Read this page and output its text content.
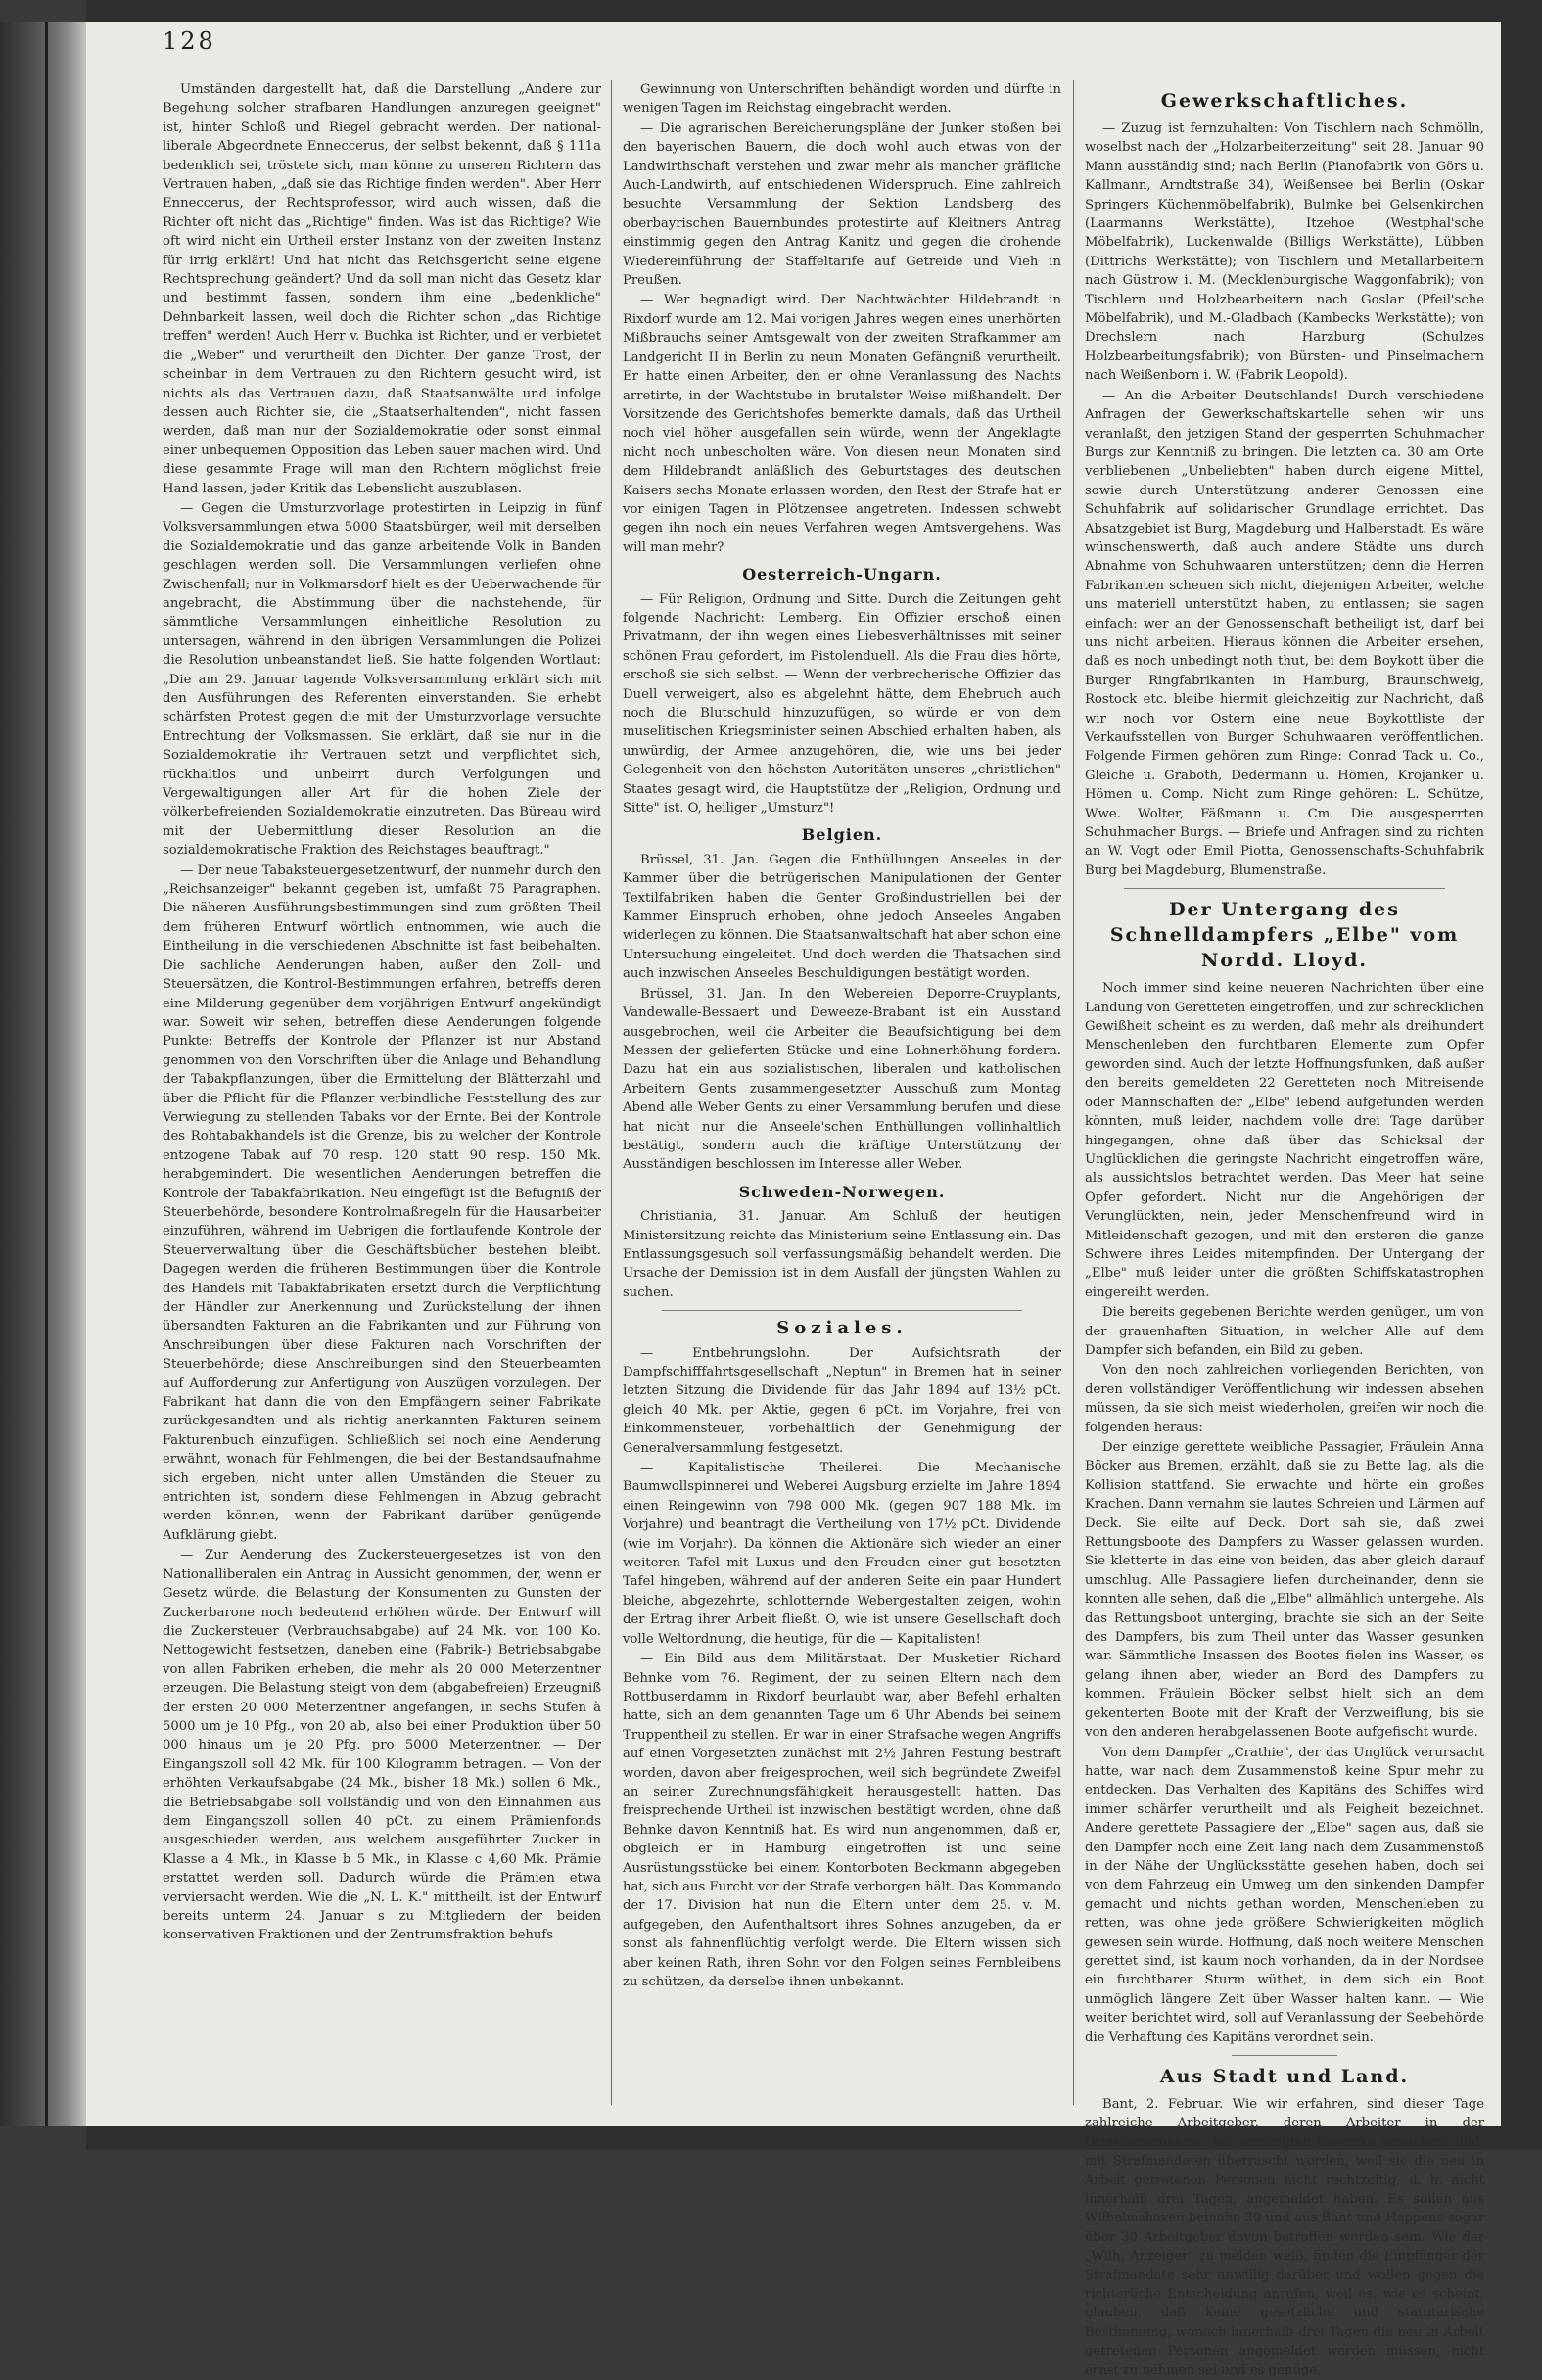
128

Umständen dargestellt hat, daß die Darstellung „Andere zur Begehung solcher strafbaren Handlungen anzuregen geeignet" ist, hinter Schloß und Riegel gebracht werden. Der national-liberale Abgeordnete Enneccerus, der selbst bekennt, daß § 111a bedenklich sei, tröstete sich, man könne zu unseren Richtern das Vertrauen haben, „daß sie das Richtige finden werden". Aber Herr Enneccerus, der Rechtsprofessor, wird auch wissen, daß die Richter oft nicht das „Richtige" finden. Was ist das Richtige? Wie oft wird nicht ein Urtheil erster Instanz von der zweiten Instanz für irrig erklärt! Und hat nicht das Reichsgericht seine eigene Rechtsprechung geändert? Und da soll man nicht das Gesetz klar und bestimmt fassen, sondern ihm eine „bedenkliche" Dehnbarkeit lassen, weil doch die Richter schon „das Richtige treffen" werden! Auch Herr v. Buchka ist Richter, und er verbietet die „Weber" und verurtheilt den Dichter. Der ganze Trost, der scheinbar in dem Vertrauen zu den Richtern gesucht wird, ist nichts als das Vertrauen dazu, daß Staatsanwälte und infolge dessen auch Richter sie, die „Staatserhaltenden", nicht fassen werden, daß man nur der Sozialdemokratie oder sonst einmal einer unbequemen Opposition das Leben sauer machen wird. Und diese gesammte Frage will man den Richtern möglichst freie Hand lassen, jeder Kritik das Lebenslicht auszublasen.

— Gegen die Umsturzvorlage protestirten in Leipzig in fünf Volksversammlungen etwa 5000 Staatsbürger, weil mit derselben die Sozialdemokratie und das ganze arbeitende Volk in Banden geschlagen werden soll. Die Versammlungen verliefen ohne Zwischenfall; nur in Volkmarsdorf hielt es der Ueberwachende für angebracht, die Abstimmung über die nachstehende, für sämmtliche Versammlungen einheitliche Resolution zu untersagen, während in den übrigen Versammlungen die Polizei die Resolution unbeanstandet ließ. Sie hatte folgenden Wortlaut: „Die am 29. Januar tagende Volksversammlung erklärt sich mit den Ausführungen des Referenten einverstanden. Sie erhebt schärfsten Protest gegen die mit der Umsturzvorlage versuchte Entrechtung der Volksmassen. Sie erklärt, daß sie nur in die Sozialdemokratie ihr Vertrauen setzt und verpflichtet sich, rückhaltlos und unbeirrt durch Verfolgungen und Vergewaltigungen aller Art für die hohen Ziele der völkerbefreienden Sozialdemokratie einzutreten. Das Büreau wird mit der Uebermittlung dieser Resolution an die sozialdemokratische Fraktion des Reichstages beauftragt."

— Der neue Tabaksteuergesetzentwurf, der nunmehr durch den „Reichsanzeiger" bekannt gegeben ist, umfaßt 75 Paragraphen. Die näheren Ausführungsbestimmungen sind zum größten Theil dem früheren Entwurf wörtlich entnommen, wie auch die Eintheilung in die verschiedenen Abschnitte ist fast beibehalten. Die sachliche Aenderungen haben, außer den Zoll- und Steuersätzen, die Kontrol-Bestimmungen erfahren, betreffs deren eine Milderung gegenüber dem vorjährigen Entwurf angekündigt war. Soweit wir sehen, betreffen diese Aenderungen folgende Punkte: Betreffs der Kontrole der Pflanzer ist nur Abstand genommen von den Vorschriften über die Anlage und Behandlung der Tabakpflanzungen, über die Ermittelung der Blätterzahl und über die Pflicht für die Pflanzer verbindliche Feststellung des zur Verwiegung zu stellenden Tabaks vor der Ernte. Bei der Kontrole des Rohtabakhandels ist die Grenze, bis zu welcher der Kontrole entzogene Tabak auf 70 resp. 120 statt 90 resp. 150 Mk. herabgemindert. Die wesentlichen Aenderungen betreffen die Kontrole der Tabakfabrikation. Neu eingefügt ist die Befugniß der Steuerbehörde, besondere Kontrolmaßregeln für die Hausarbeiter einzuführen, während im Uebrigen die fortlaufende Kontrole der Steuerverwaltung über die Geschäftsbücher bestehen bleibt. Dagegen werden die früheren Bestimmungen über die Kontrole des Handels mit Tabakfabrikaten ersetzt durch die Verpflichtung der Händler zur Anerkennung und Zurückstellung der ihnen übersandten Fakturen an die Fabrikanten und zur Führung von Anschreibungen über diese Fakturen nach Vorschriften der Steuerbehörde; diese Anschreibungen sind den Steuerbeamten auf Aufforderung zur Anfertigung von Auszügen vorzulegen. Der Fabrikant hat dann die von den Empfängern seiner Fabrikate zurückgesandten und als richtig anerkannten Fakturen seinem Fakturenbuch einzufügen. Schließlich sei noch eine Aenderung erwähnt, wonach für Fehlmengen, die bei der Bestandsaufnahme sich ergeben, nicht unter allen Umständen die Steuer zu entrichten ist, sondern diese Fehlmengen in Abzug gebracht werden können, wenn der Fabrikant darüber genügende Aufklärung giebt.

— Zur Aenderung des Zuckersteuergesetzes ist von den Nationalliberalen ein Antrag in Aussicht genommen, der, wenn er Gesetz würde, die Belastung der Konsumenten zu Gunsten der Zuckerbarone noch bedeutend erhöhen würde. Der Entwurf will die Zuckersteuer (Verbrauchsabgabe) auf 24 Mk. von 100 Ko. Nettogewicht festsetzen, daneben eine (Fabrik-) Betriebsabgabe von allen Fabriken erheben, die mehr als 20 000 Meterzentner erzeugen. Die Belastung steigt von dem (abgabefreien) Erzeugniß der ersten 20 000 Meterzentner angefangen, in sechs Stufen à 5000 um je 10 Pfg., von 20 ab, also bei einer Produktion über 50 000 hinaus um je 20 Pfg. pro 5000 Meterzentner. — Der Eingangszoll soll 42 Mk. für 100 Kilogramm betragen. — Von der erhöhten Verkaufsabgabe (24 Mk., bisher 18 Mk.) sollen 6 Mk., die Betriebsabgabe soll vollständig und von den Einnahmen aus dem Eingangszoll sollen 40 pCt. zu einem Prämienfonds ausgeschieden werden, aus welchem ausgeführter Zucker in Klasse a 4 Mk., in Klasse b 5 Mk., in Klasse c 4,60 Mk. Prämie erstattet werden soll. Dadurch würde die Prämien etwa verviersacht werden. Wie die „N. L. K." mittheilt, ist der Entwurf bereits unterm 24. Januar s zu Mitgliedern der beiden konservativen Fraktionen und der Zentrumsfraktion behufs

Gewinnung von Unterschriften behändigt worden und dürfte in wenigen Tagen im Reichstag eingebracht werden.

— Die agrarischen Bereicherungspläne der Junker stoßen bei den bayerischen Bauern, die doch wohl auch etwas von der Landwirthschaft verstehen und zwar mehr als mancher gräfliche Auch-Landwirth, auf entschiedenen Widerspruch. Eine zahlreich besuchte Versammlung der Sektion Landsberg des oberbayrischen Bauernbundes protestirte auf Kleitners Antrag einstimmig gegen den Antrag Kanitz und gegen die drohende Wiedereinführung der Staffeltarife auf Getreide und Vieh in Preußen.

— Wer begnadigt wird. Der Nachtwächter Hildebrandt in Rixdorf wurde am 12. Mai vorigen Jahres wegen eines unerhörten Mißbrauchs seiner Amtsgewalt von der zweiten Strafkammer am Landgericht II in Berlin zu neun Monaten Gefängniß verurtheilt. Er hatte einen Arbeiter, den er ohne Veranlassung des Nachts arretirte, in der Wachtstube in brutalster Weise mißhandelt. Der Vorsitzende des Gerichtshofes bemerkte damals, daß das Urtheil noch viel höher ausgefallen sein würde, wenn der Angeklagte nicht noch unbescholten wäre. Von diesen neun Monaten sind dem Hildebrandt anläßlich des Geburtstages des deutschen Kaisers sechs Monate erlassen worden, den Rest der Strafe hat er vor einigen Tagen in Plötzensee angetreten. Indessen schwebt gegen ihn noch ein neues Verfahren wegen Amtsvergehens. Was will man mehr?

Oesterreich-Ungarn.

— Für Religion, Ordnung und Sitte. Durch die Zeitungen geht folgende Nachricht: Lemberg. Ein Offizier erschoß einen Privatmann, der ihn wegen eines Liebesverhältnisses mit seiner schönen Frau gefordert, im Pistolenduell. Als die Frau dies hörte, erschoß sie sich selbst. — Wenn der verbrecherische Offizier das Duell verweigert, also es abgelehnt hätte, dem Ehebruch auch noch die Blutschuld hinzuzufügen, so würde er von dem muselitischen Kriegsminister seinen Abschied erhalten haben, als unwürdig, der Armee anzugehören, die, wie uns bei jeder Gelegenheit von den höchsten Autoritäten unseres „christlichen" Staates gesagt wird, die Hauptstütze der „Religion, Ordnung und Sitte" ist. O, heiliger „Umsturz"!

Belgien.

Brüssel, 31. Jan. Gegen die Enthüllungen Anseeles in der Kammer über die betrügerischen Manipulationen der Genter Textilfabriken haben die Genter Großindustriellen bei der Kammer Einspruch erhoben, ohne jedoch Anseeles Angaben widerlegen zu können. Die Staatsanwaltschaft hat aber schon eine Untersuchung eingeleitet. Und doch werden die Thatsachen sind auch inzwischen Anseeles Beschuldigungen bestätigt worden.

Brüssel, 31. Jan. In den Webereien Deporre-Cruyplants, Vandewalle-Bessaert und Deweeze-Brabant ist ein Ausstand ausgebrochen, weil die Arbeiter die Beaufsichtigung bei dem Messen der gelieferten Stücke und eine Lohnerhöhung fordern. Dazu hat ein aus sozialistischen, liberalen und katholischen Arbeitern Gents zusammengesetzter Ausschuß zum Montag Abend alle Weber Gents zu einer Versammlung berufen und diese hat nicht nur die Anseele'schen Enthüllungen vollinhaltlich bestätigt, sondern auch die kräftige Unterstützung der Ausständigen beschlossen im Interesse aller Weber.

Schweden-Norwegen.

Christiania, 31. Januar. Am Schluß der heutigen Ministersitzung reichte das Ministerium seine Entlassung ein. Das Entlassungsgesuch soll verfassungsmäßig behandelt werden. Die Ursache der Demission ist in dem Ausfall der jüngsten Wahlen zu suchen.

Soziales.

— Entbehrungslohn. Der Aufsichtsrath der Dampfschifffahrtsgesellschaft „Neptun" in Bremen hat in seiner letzten Sitzung die Dividende für das Jahr 1894 auf 13½ pCt. gleich 40 Mk. per Aktie, gegen 6 pCt. im Vorjahre, frei von Einkommensteuer, vorbehältlich der Genehmigung der Generalversammlung festgesetzt.

— Kapitalistische Theilerei. Die Mechanische Baumwollspinnerei und Weberei Augsburg erzielte im Jahre 1894 einen Reingewinn von 798 000 Mk. (gegen 907 188 Mk. im Vorjahre) und beantragt die Vertheilung von 17½ pCt. Dividende (wie im Vorjahr). Da können die Aktionäre sich wieder an einer weiteren Tafel mit Luxus und den Freuden einer gut besetzten Tafel hingeben, während auf der anderen Seite ein paar Hundert bleiche, abgezehrte, schlotternde Webergestalten zeigen, wohin der Ertrag ihrer Arbeit fließt. O, wie ist unsere Gesellschaft doch volle Weltordnung, die heutige, für die — Kapitalisten!

— Ein Bild aus dem Militärstaat. Der Musketier Richard Behnke vom 76. Regiment, der zu seinen Eltern nach dem Rottbuserdamm in Rixdorf beurlaubt war, aber Befehl erhalten hatte, sich an dem genannten Tage um 6 Uhr Abends bei seinem Truppentheil zu stellen. Er war in einer Strafsache wegen Angriffs auf einen Vorgesetzten zunächst mit 2½ Jahren Festung bestraft worden, davon aber freigesprochen, weil sich begründete Zweifel an seiner Zurechnungsfähigkeit herausgestellt hatten. Das freisprechende Urtheil ist inzwischen bestätigt worden, ohne daß Behnke davon Kenntniß hat. Es wird nun angenommen, daß er, obgleich er in Hamburg eingetroffen ist und seine Ausrüstungsstücke bei einem Kontorboten Beckmann abgegeben hat, sich aus Furcht vor der Strafe verborgen hält. Das Kommando der 17. Division hat nun die Eltern unter dem 25. v. M. aufgegeben, den Aufenthaltsort ihres Sohnes anzugeben, da er sonst als fahnenflüchtig verfolgt werde. Die Eltern wissen sich aber keinen Rath, ihren Sohn vor den Folgen seines Fernbleibens zu schützen, da derselbe ihnen unbekannt.

Gewerkschaftliches.

— Zuzug ist fernzuhalten: Von Tischlern nach Schmölln, woselbst nach der „Holzarbeiterzeitung" seit 28. Januar 90 Mann ausständig sind; nach Berlin (Pianofabrik von Görs u. Kallmann, Arndtstraße 34), Weißensee bei Berlin (Oskar Springers Küchenmöbelfabrik), Bulmke bei Gelsenkirchen (Laarmanns Werkstätte), Itzehoe (Westphal'sche Möbelfabrik), Luckenwalde (Billigs Werkstätte), Lübben (Dittrichs Werkstätte); von Tischlern und Metallarbeitern nach Güstrow i. M. (Mecklenburgische Waggonfabrik); von Tischlern und Holzbearbeitern nach Goslar (Pfeil'sche Möbelfabrik), und M.-Gladbach (Kambecks Werkstätte); von Drechslern nach Harzburg (Schulzes Holzbearbeitungsfabrik); von Bürsten- und Pinselmachern nach Weißenborn i. W. (Fabrik Leopold).

— An die Arbeiter Deutschlands! Durch verschiedene Anfragen der Gewerkschaftskartelle sehen wir uns veranlaßt, den jetzigen Stand der gesperrten Schuhmacher Burgs zur Kenntniß zu bringen. Die letzten ca. 30 am Orte verbliebenen „Unbeliebten" haben durch eigene Mittel, sowie durch Unterstützung anderer Genossen eine Schuhfabrik auf solidarischer Grundlage errichtet. Das Absatzgebiet ist Burg, Magdeburg und Halberstadt. Es wäre wünschenswerth, daß auch andere Städte uns durch Abnahme von Schuhwaaren unterstützen; denn die Herren Fabrikanten scheuen sich nicht, diejenigen Arbeiter, welche uns materiell unterstützt haben, zu entlassen; sie sagen einfach: wer an der Genossenschaft betheiligt ist, darf bei uns nicht arbeiten. Hieraus können die Arbeiter ersehen, daß es noch unbedingt noth thut, bei dem Boykott über die Burger Ringfabrikanten in Hamburg, Braunschweig, Rostock etc. bleibe hiermit gleichzeitig zur Nachricht, daß wir noch vor Ostern eine neue Boykottliste der Verkaufsstellen von Burger Schuhwaaren veröffentlichen. Folgende Firmen gehören zum Ringe: Conrad Tack u. Co., Gleiche u. Graboth, Dedermann u. Hömen, Krojanker u. Hömen u. Comp. Nicht zum Ringe gehören: L. Schütze, Wwe. Wolter, Fäßmann u. Cm. Die ausgesperrten Schuhmacher Burgs. — Briefe und Anfragen sind zu richten an W. Vogt oder Emil Piotta, Genossenschafts-Schuhfabrik Burg bei Magdeburg, Blumenstraße.

Der Untergang des Schnelldampfers „Elbe" vom Nordd. Lloyd.

Noch immer sind keine neueren Nachrichten über eine Landung von Geretteten eingetroffen, und zur schrecklichen Gewißheit scheint es zu werden, daß mehr als dreihundert Menschenleben den furchtbaren Elemente zum Opfer geworden sind. Auch der letzte Hoffnungsfunken, daß außer den bereits gemeldeten 22 Geretteten noch Mitreisende oder Mannschaften der „Elbe" lebend aufgefunden werden könnten, muß leider, nachdem volle drei Tage darüber hingegangen, ohne daß über das Schicksal der Unglücklichen die geringste Nachricht eingetroffen wäre, als aussichtslos betrachtet werden. Das Meer hat seine Opfer gefordert. Nicht nur die Angehörigen der Verunglückten, nein, jeder Menschenfreund wird in Mitleidenschaft gezogen, und mit den ersteren die ganze Schwere ihres Leides mitempfinden. Der Untergang der „Elbe" muß leider unter die größten Schiffskatastrophen eingereiht werden.

Die bereits gegebenen Berichte werden genügen, um von der grauenhaften Situation, in welcher Alle auf dem Dampfer sich befanden, ein Bild zu geben.

Von den noch zahlreichen vorliegenden Berichten, von deren vollständiger Veröffentlichung wir indessen absehen müssen, da sie sich meist wiederholen, greifen wir noch die folgenden heraus:

Der einzige gerettete weibliche Passagier, Fräulein Anna Böcker aus Bremen, erzählt, daß sie zu Bette lag, als die Kollision stattfand. Sie erwachte und hörte ein großes Krachen. Dann vernahm sie lautes Schreien und Lärmen auf Deck. Sie eilte auf Deck. Dort sah sie, daß zwei Rettungsboote des Dampfers zu Wasser gelassen wurden. Sie kletterte in das eine von beiden, das aber gleich darauf umschlug. Alle Passagiere liefen durcheinander, denn sie konnten alle sehen, daß die „Elbe" allmählich untergehe. Als das Rettungsboot unterging, brachte sie sich an der Seite des Dampfers, bis zum Theil unter das Wasser gesunken war. Sämmtliche Insassen des Bootes fielen ins Wasser, es gelang ihnen aber, wieder an Bord des Dampfers zu kommen. Fräulein Böcker selbst hielt sich an dem gekenterten Boote mit der Kraft der Verzweiflung, bis sie von den anderen herabgelassenen Boote aufgefischt wurde.

Von dem Dampfer „Crathie", der das Unglück verursacht hatte, war nach dem Zusammenstoß keine Spur mehr zu entdecken. Das Verhalten des Kapitäns des Schiffes wird immer schärfer verurtheilt und als Feigheit bezeichnet. Andere gerettete Passagiere der „Elbe" sagen aus, daß sie den Dampfer noch eine Zeit lang nach dem Zusammenstoß in der Nähe der Unglücksstätte gesehen haben, doch sei von dem Fahrzeug ein Umweg um den sinkenden Dampfer gemacht und nichts gethan worden, Menschenleben zu retten, was ohne jede größere Schwierigkeiten möglich gewesen sein würde. Hoffnung, daß noch weitere Menschen gerettet sind, ist kaum noch vorhanden, da in der Nordsee ein furchtbarer Sturm wüthet, in dem sich ein Boot unmöglich längere Zeit über Wasser halten kann. — Wie weiter berichtet wird, soll auf Veranlassung der Seebehörde die Verhaftung des Kapitäns verordnet sein.

Aus Stadt und Land.

Bant, 2. Februar. Wie wir erfahren, sind dieser Tage zahlreiche Arbeitgeber, deren Arbeiter in der Ortskrankenkasse der vereinigten Gewerke versichert sind, mit Strafmandaten überrascht worden, weil sie die neu in Arbeit getretenen Personen nicht rechtzeitig, d. h. nicht innerhalb drei Tagen, angemeldet haben. Es sollen aus Wilhelmshaven beinahe 30 und aus Bant und Heppens sogar über 30 Arbeitgeber davon betroffen worden sein. Wie der „Wilh. Anzeiger" zu melden weiß, finden die Empfänger der Strafmandate sehr unwillig darüber und wollen gegen die richterliche Entscheidung anrufen, weil es, wie es scheint, glauben, daß keine gesetzliche und statutarische Bestimmung, wonach innerhalb drei Tagen die neu in Arbeit getretenen Personen angemeldet werden müssen, nicht ernst zu nehmen sei und es genüge,
